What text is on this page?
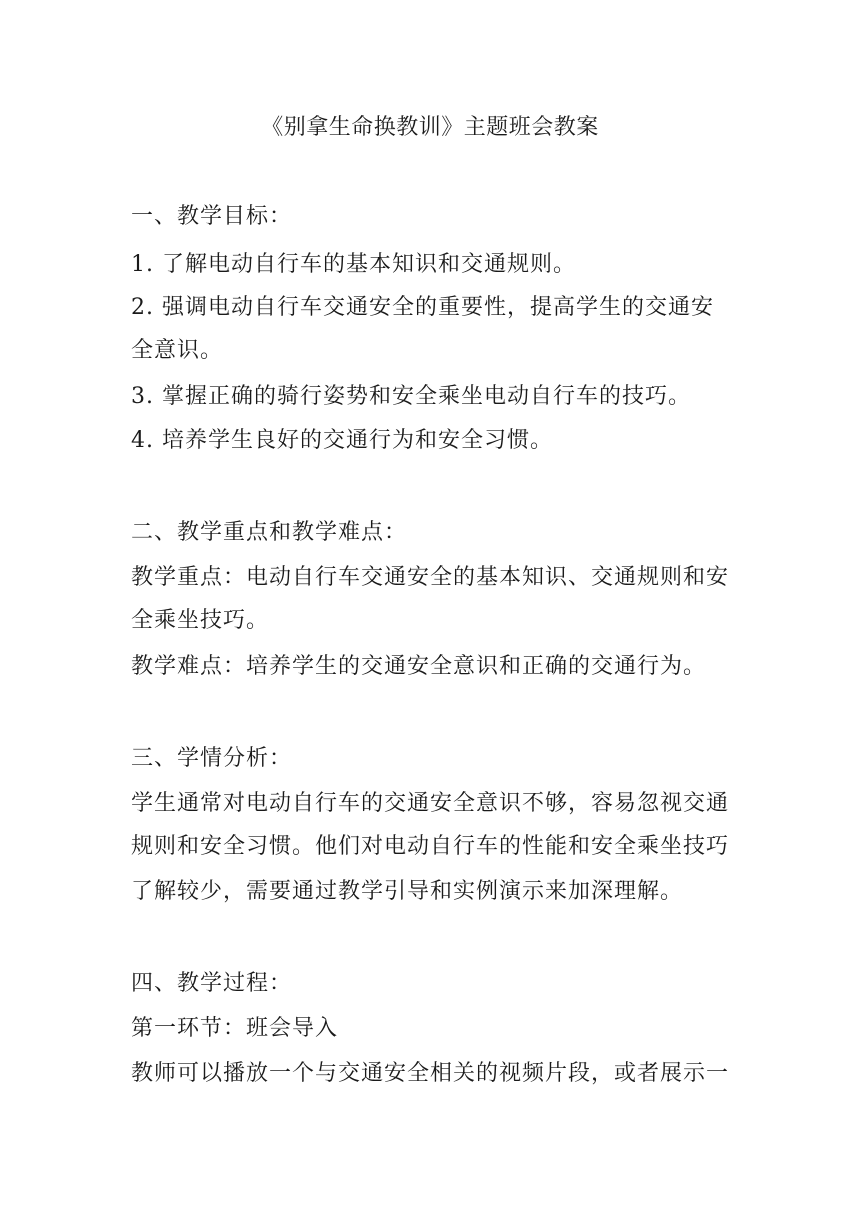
《别拿生命换教训》主题班会教案
一、教学目标：
1. 了解电动自行车的基本知识和交通规则。
2. 强调电动自行车交通安全的重要性，提高学生的交通安
全意识。
3. 掌握正确的骑行姿势和安全乘坐电动自行车的技巧。
4. 培养学生良好的交通行为和安全习惯。
二、教学重点和教学难点：
教学重点：电动自行车交通安全的基本知识、交通规则和安
全乘坐技巧。
教学难点：培养学生的交通安全意识和正确的交通行为。
三、学情分析：
学生通常对电动自行车的交通安全意识不够，容易忽视交通
规则和安全习惯。他们对电动自行车的性能和安全乘坐技巧
了解较少，需要通过教学引导和实例演示来加深理解。
四、教学过程：
第一环节：班会导入
教师可以播放一个与交通安全相关的视频片段，或者展示一
